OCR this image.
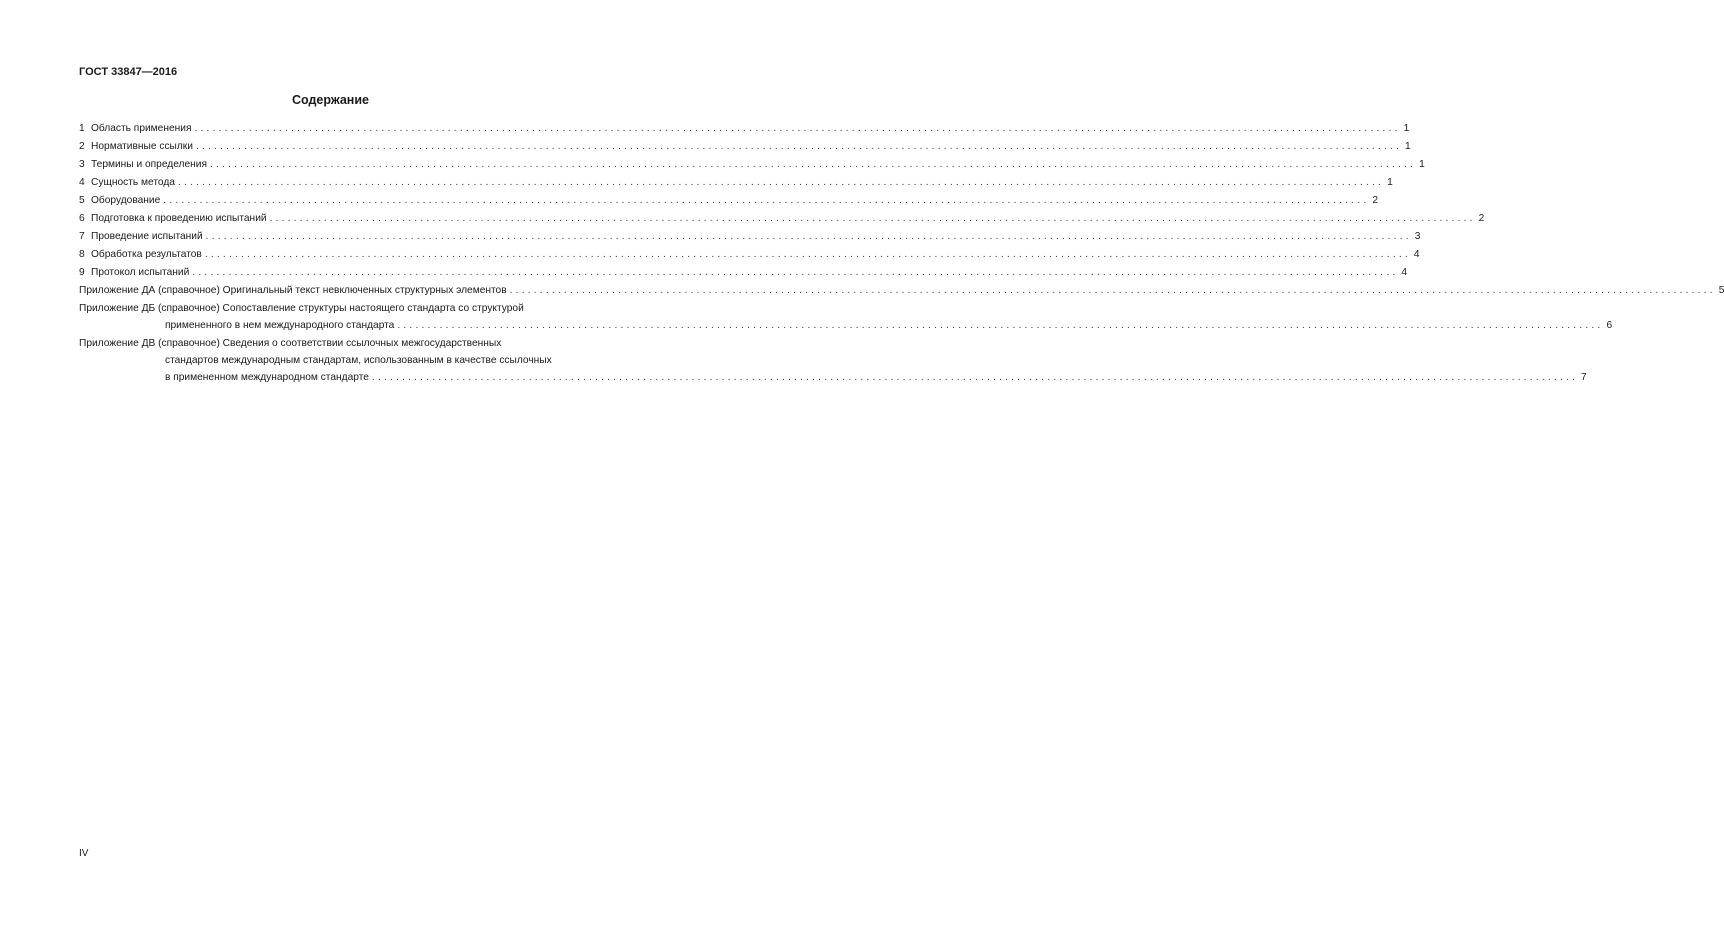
ГОСТ 33847—2016
Содержание
1 Область применения ........................................................................................................................................................................................................ 1
2 Нормативные ссылки ........................................................................................................................................................................................................ 1
3 Термины и определения ........................................................................................................................................................................................................ 1
4 Сущность метода ........................................................................................................................................................................................................ 1
5 Оборудование ........................................................................................................................................................................................................ 2
6 Подготовка к проведению испытаний ........................................................................................................................................................................................................ 2
7 Проведение испытаний ........................................................................................................................................................................................................ 3
8 Обработка результатов ........................................................................................................................................................................................................ 4
9 Протокол испытаний ........................................................................................................................................................................................................ 4
Приложение ДА (справочное) Оригинальный текст невключенных структурных элементов ........................................................................................................................................................................................................ 5
Приложение ДБ (справочное) Сопоставление структуры настоящего стандарта со структурой
примененного в нем международного стандарта ........................................................................................................................................................................................................ 6
Приложение ДВ (справочное) Сведения о соответствии ссылочных межгосударственных
стандартов международным стандартам, использованным в качестве ссылочных
в примененном международном стандарте ........................................................................................................................................................................................................ 7
IV
